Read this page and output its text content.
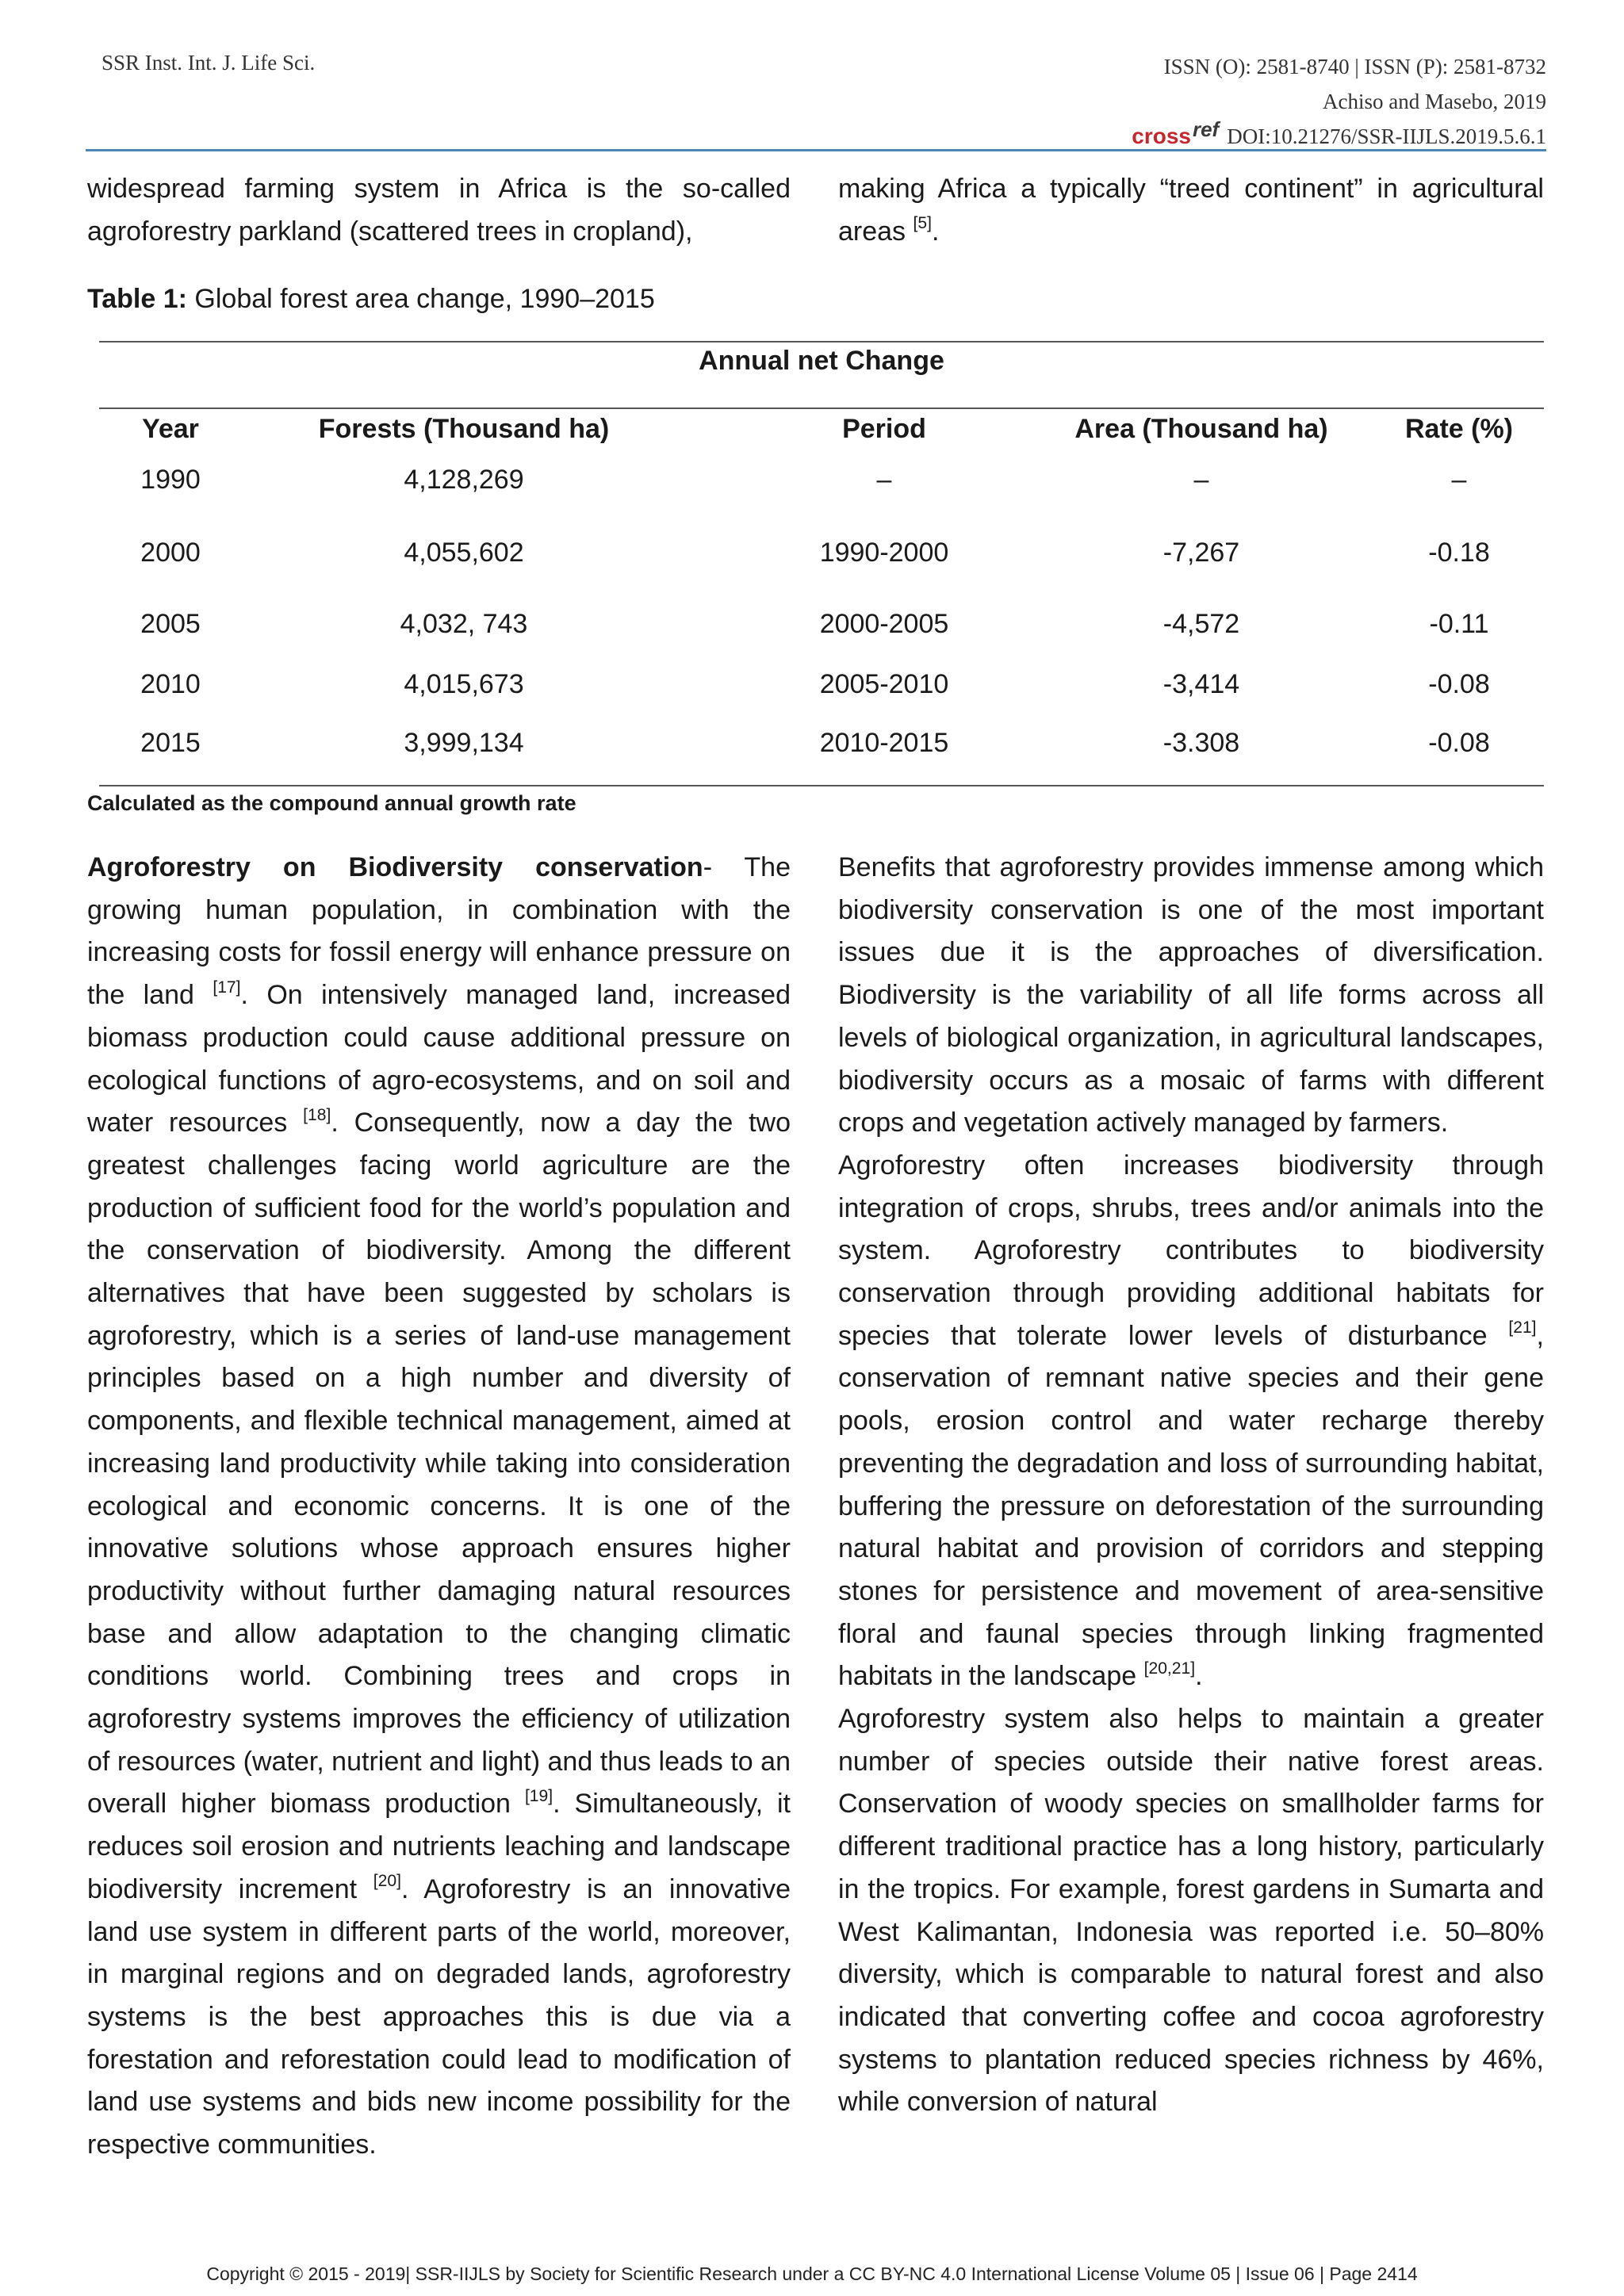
SSR Inst. Int. J. Life Sci.	ISSN (O): 2581-8740 | ISSN (P): 2581-8732
Achiso and Masebo, 2019
cross ref DOI:10.21276/SSR-IIJLS.2019.5.6.1

widespread farming system in Africa is the so-called agroforestry parkland (scattered trees in cropland),

making Africa a typically “treed continent” in agricultural areas [5].

Table 1: Global forest area change, 1990–2015
Annual net Change
Year	Forests (Thousand ha)	Period	Area (Thousand ha)	Rate (%)
1990	4,128,269	–	–	–
2000	4,055,602	1990-2000	-7,267	-0.18
2005	4,032, 743	2000-2005	-4,572	-0.11
2010	4,015,673	2005-2010	-3,414	-0.08
2015	3,999,134	2010-2015	-3.308	-0.08
Calculated as the compound annual growth rate

Agroforestry on Biodiversity conservation- The growing human population, in combination with the increasing costs for fossil energy will enhance pressure on the land [17]. On intensively managed land, increased biomass production could cause additional pressure on ecological functions of agro-ecosystems, and on soil and water resources [18]. Consequently, now a day the two greatest challenges facing world agriculture are the production of sufficient food for the world’s population and the conservation of biodiversity. Among the different alternatives that have been suggested by scholars is agroforestry, which is a series of land-use management principles based on a high number and diversity of components, and flexible technical management, aimed at increasing land productivity while taking into consideration ecological and economic concerns. It is one of the innovative solutions whose approach ensures higher productivity without further damaging natural resources base and allow adaptation to the changing climatic conditions world. Combining trees and crops in agroforestry systems improves the efficiency of utilization of resources (water, nutrient and light) and thus leads to an overall higher biomass production [19]. Simultaneously, it reduces soil erosion and nutrients leaching and landscape biodiversity increment [20]. Agroforestry is an innovative land use system in different parts of the world, moreover, in marginal regions and on degraded lands, agroforestry systems is the best approaches this is due via a forestation and reforestation could lead to modification of land use systems and bids new income possibility for the respective communities.

Benefits that agroforestry provides immense among which biodiversity conservation is one of the most important issues due it is the approaches of diversification. Biodiversity is the variability of all life forms across all levels of biological organization, in agricultural landscapes, biodiversity occurs as a mosaic of farms with different crops and vegetation actively managed by farmers.

Agroforestry often increases biodiversity through integration of crops, shrubs, trees and/or animals into the system. Agroforestry contributes to biodiversity conservation through providing additional habitats for species that tolerate lower levels of disturbance [21], conservation of remnant native species and their gene pools, erosion control and water recharge thereby preventing the degradation and loss of surrounding habitat, buffering the pressure on deforestation of the surrounding natural habitat and provision of corridors and stepping stones for persistence and movement of area-sensitive floral and faunal species through linking fragmented habitats in the landscape [20,21].

Agroforestry system also helps to maintain a greater number of species outside their native forest areas. Conservation of woody species on smallholder farms for different traditional practice has a long history, particularly in the tropics. For example, forest gardens in Sumarta and West Kalimantan, Indonesia was reported i.e. 50–80% diversity, which is comparable to natural forest and also indicated that converting coffee and cocoa agroforestry systems to plantation reduced species richness by 46%, while conversion of natural

Copyright © 2015 - 2019| SSR-IIJLS by Society for Scientific Research under a CC BY-NC 4.0 International License Volume 05 | Issue 06 | Page 2414
